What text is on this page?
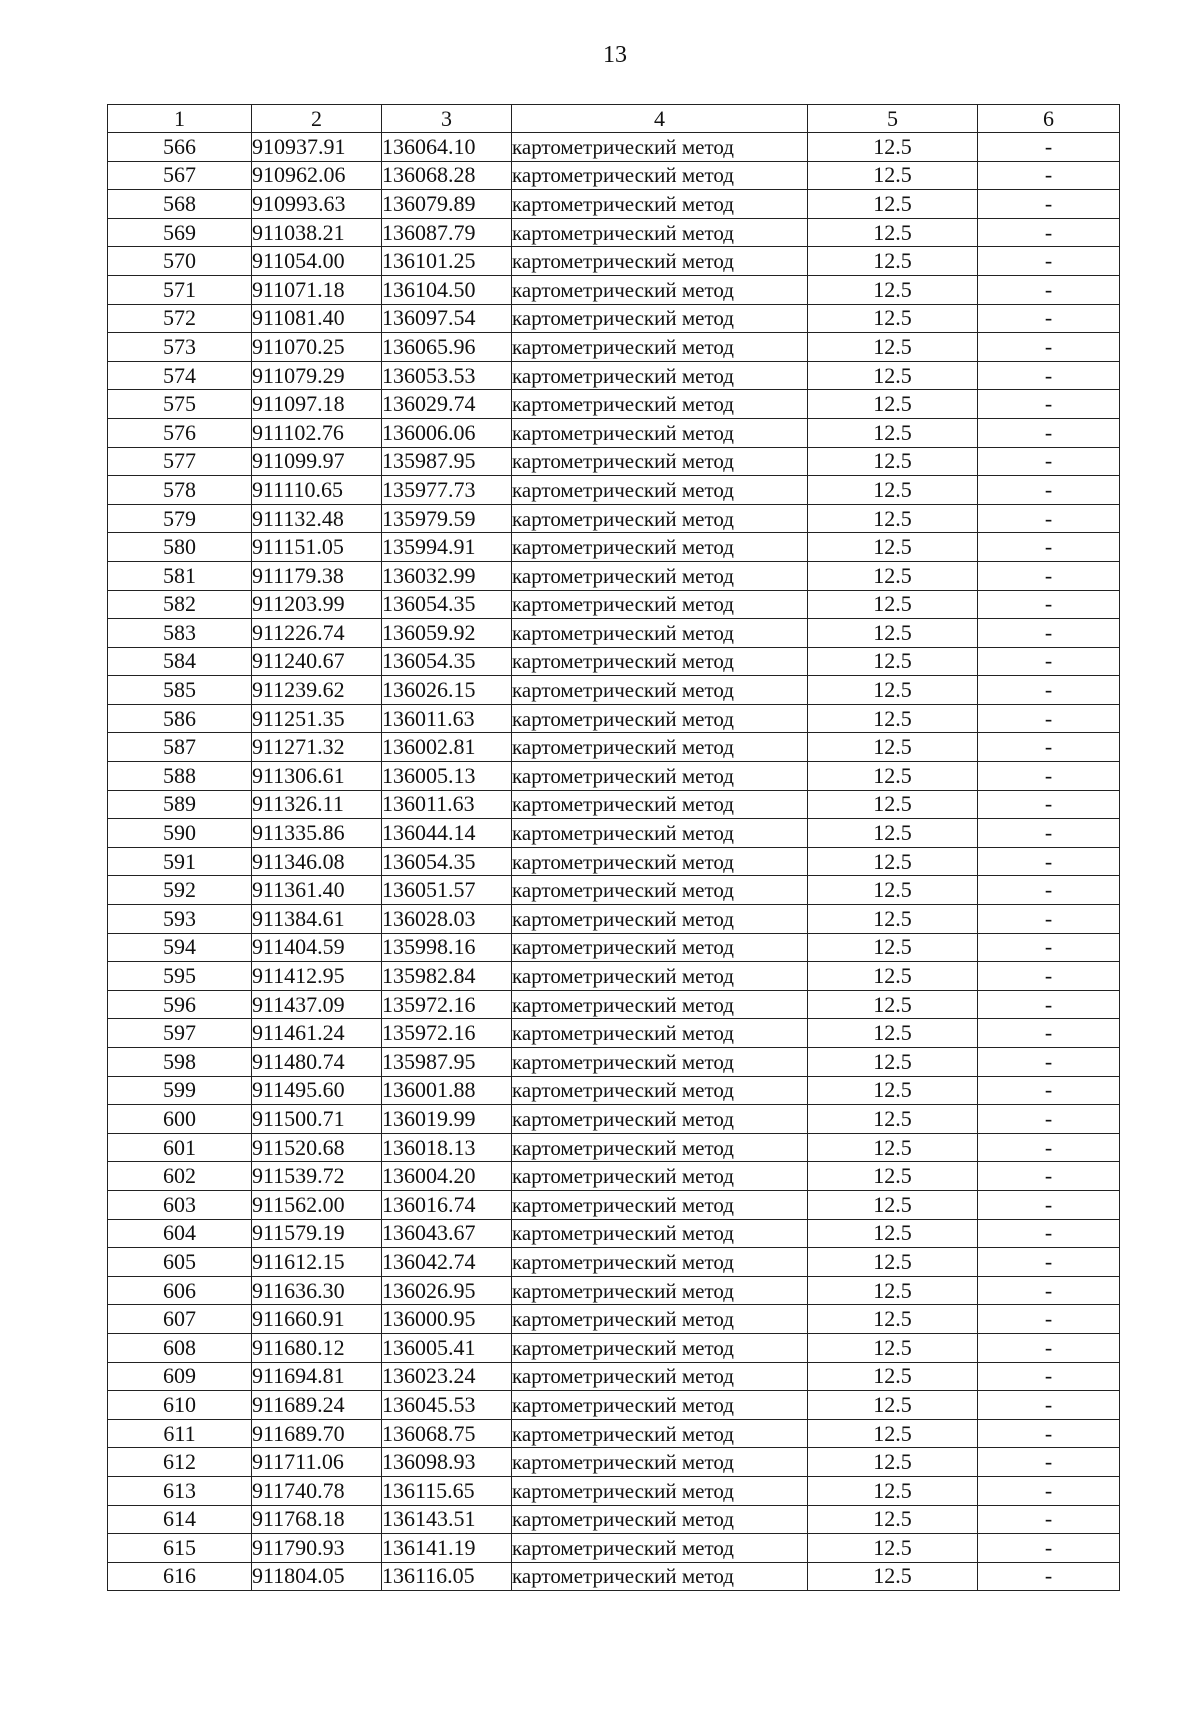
13
1	2	3	4	5	6
566	910937.91	136064.10	картометрический метод	12.5	-
567	910962.06	136068.28	картометрический метод	12.5	-
568	910993.63	136079.89	картометрический метод	12.5	-
569	911038.21	136087.79	картометрический метод	12.5	-
570	911054.00	136101.25	картометрический метод	12.5	-
571	911071.18	136104.50	картометрический метод	12.5	-
572	911081.40	136097.54	картометрический метод	12.5	-
573	911070.25	136065.96	картометрический метод	12.5	-
574	911079.29	136053.53	картометрический метод	12.5	-
575	911097.18	136029.74	картометрический метод	12.5	-
576	911102.76	136006.06	картометрический метод	12.5	-
577	911099.97	135987.95	картометрический метод	12.5	-
578	911110.65	135977.73	картометрический метод	12.5	-
579	911132.48	135979.59	картометрический метод	12.5	-
580	911151.05	135994.91	картометрический метод	12.5	-
581	911179.38	136032.99	картометрический метод	12.5	-
582	911203.99	136054.35	картометрический метод	12.5	-
583	911226.74	136059.92	картометрический метод	12.5	-
584	911240.67	136054.35	картометрический метод	12.5	-
585	911239.62	136026.15	картометрический метод	12.5	-
586	911251.35	136011.63	картометрический метод	12.5	-
587	911271.32	136002.81	картометрический метод	12.5	-
588	911306.61	136005.13	картометрический метод	12.5	-
589	911326.11	136011.63	картометрический метод	12.5	-
590	911335.86	136044.14	картометрический метод	12.5	-
591	911346.08	136054.35	картометрический метод	12.5	-
592	911361.40	136051.57	картометрический метод	12.5	-
593	911384.61	136028.03	картометрический метод	12.5	-
594	911404.59	135998.16	картометрический метод	12.5	-
595	911412.95	135982.84	картометрический метод	12.5	-
596	911437.09	135972.16	картометрический метод	12.5	-
597	911461.24	135972.16	картометрический метод	12.5	-
598	911480.74	135987.95	картометрический метод	12.5	-
599	911495.60	136001.88	картометрический метод	12.5	-
600	911500.71	136019.99	картометрический метод	12.5	-
601	911520.68	136018.13	картометрический метод	12.5	-
602	911539.72	136004.20	картометрический метод	12.5	-
603	911562.00	136016.74	картометрический метод	12.5	-
604	911579.19	136043.67	картометрический метод	12.5	-
605	911612.15	136042.74	картометрический метод	12.5	-
606	911636.30	136026.95	картометрический метод	12.5	-
607	911660.91	136000.95	картометрический метод	12.5	-
608	911680.12	136005.41	картометрический метод	12.5	-
609	911694.81	136023.24	картометрический метод	12.5	-
610	911689.24	136045.53	картометрический метод	12.5	-
611	911689.70	136068.75	картометрический метод	12.5	-
612	911711.06	136098.93	картометрический метод	12.5	-
613	911740.78	136115.65	картометрический метод	12.5	-
614	911768.18	136143.51	картометрический метод	12.5	-
615	911790.93	136141.19	картометрический метод	12.5	-
616	911804.05	136116.05	картометрический метод	12.5	-
